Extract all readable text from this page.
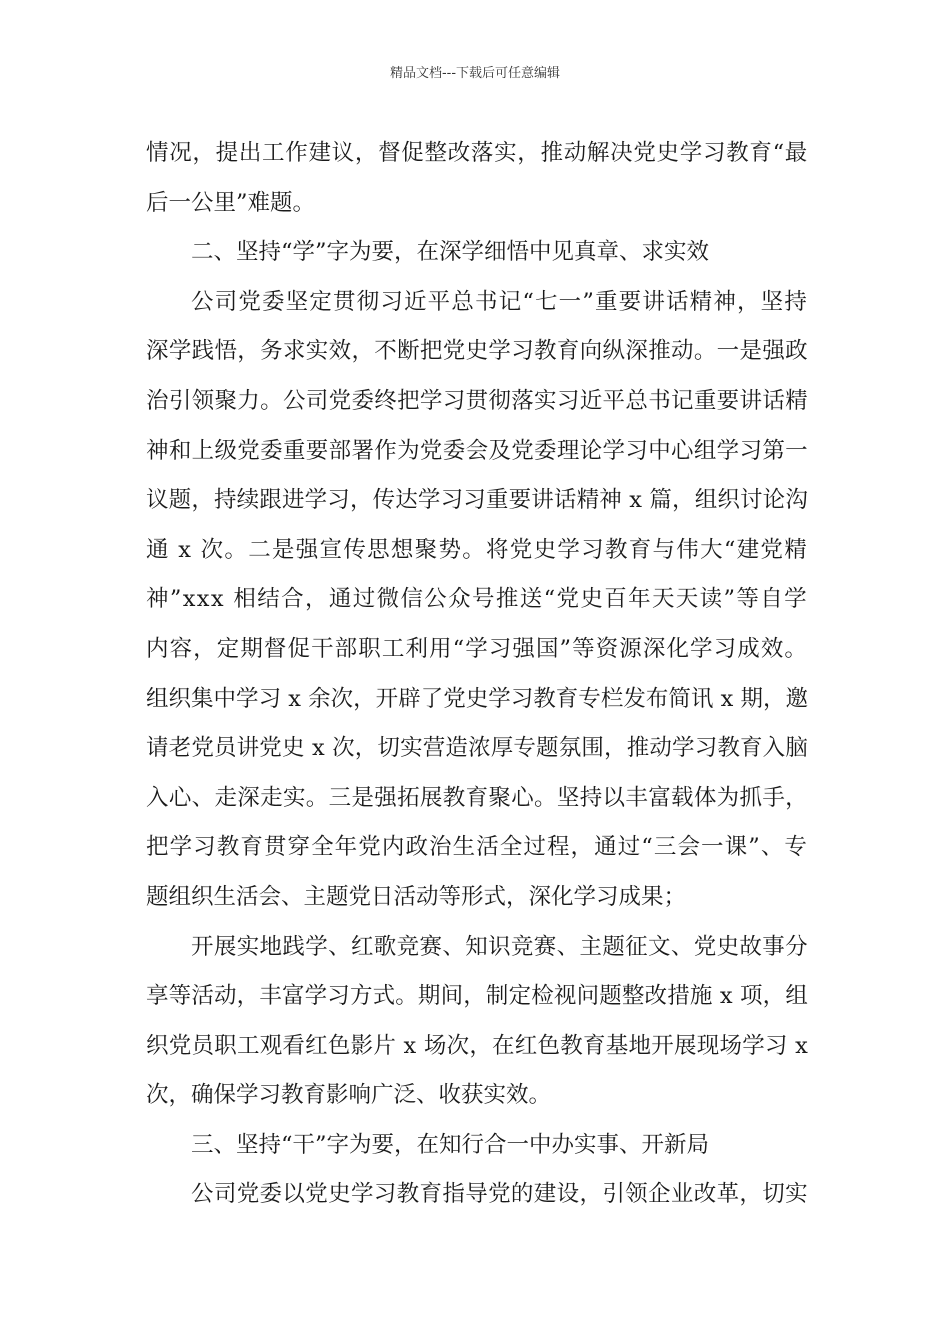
精品文档---下载后可任意编辑
情况，提出工作建议，督促整改落实，推动解决党史学习教育“最
后一公里”难题。
二、坚持“学”字为要，在深学细悟中见真章、求实效
公司党委坚定贯彻习近平总书记“七一”重要讲话精神，坚持
深学践悟，务求实效，不断把党史学习教育向纵深推动。一是强政
治引领聚力。公司党委终把学习贯彻落实习近平总书记重要讲话精
神和上级党委重要部署作为党委会及党委理论学习中心组学习第一
议题，持续跟进学习，传达学习习重要讲话精神 x 篇，组织讨论沟
通 x 次。二是强宣传思想聚势。将党史学习教育与伟大“建党精
神”xxx 相结合，通过微信公众号推送“党史百年天天读”等自学
内容，定期督促干部职工利用“学习强国”等资源深化学习成效。
组织集中学习 x 余次，开辟了党史学习教育专栏发布简讯 x 期，邀
请老党员讲党史 x 次，切实营造浓厚专题氛围，推动学习教育入脑
入心、走深走实。三是强拓展教育聚心。坚持以丰富载体为抓手，
把学习教育贯穿全年党内政治生活全过程，通过“三会一课”、专
题组织生活会、主题党日活动等形式，深化学习成果；
开展实地践学、红歌竞赛、知识竞赛、主题征文、党史故事分
享等活动，丰富学习方式。期间，制定检视问题整改措施 x 项，组
织党员职工观看红色影片 x 场次，在红色教育基地开展现场学习 x
次，确保学习教育影响广泛、收获实效。
三、坚持“干”字为要，在知行合一中办实事、开新局
公司党委以党史学习教育指导党的建设，引领企业改革，切实
